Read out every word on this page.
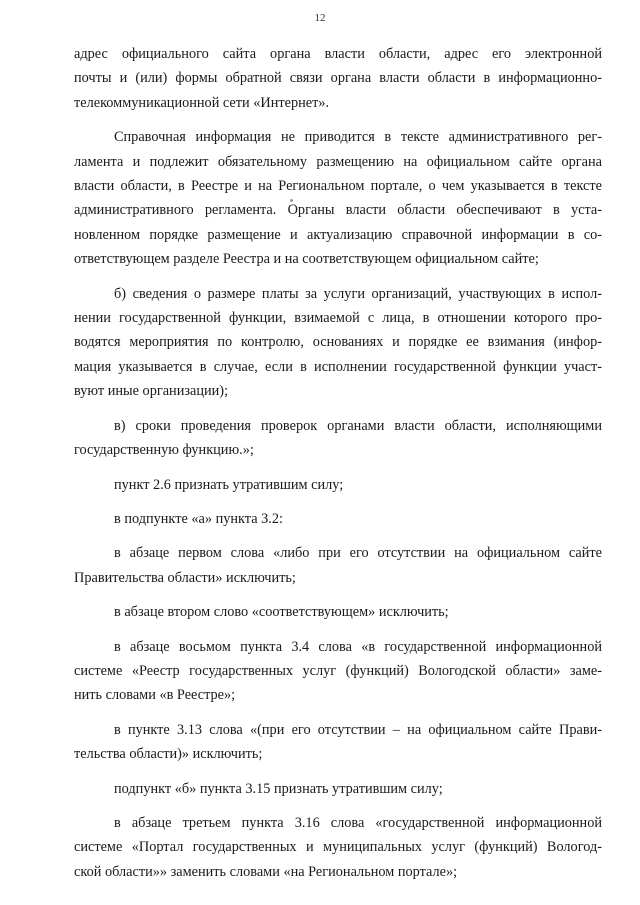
12
адрес официального сайта органа власти области, адрес его электронной
почты и (или) формы обратной связи органа власти области в информационно-
телекоммуникационной сети «Интернет».
Справочная информация не приводится в тексте административного рег-
ламента и подлежит обязательному размещению на официальном сайте органа
власти области, в Реестре и на Региональном портале, о чем указывается в тексте
административного регламента. Органы власти области обеспечивают в уста-
новленном порядке размещение и актуализацию справочной информации в со-
ответствующем разделе Реестра и на соответствующем официальном сайте;
б) сведения о размере платы за услуги организаций, участвующих в испол-
нении государственной функции, взимаемой с лица, в отношении которого про-
водятся мероприятия по контролю, основаниях и порядке ее взимания (инфор-
мация указывается в случае, если в исполнении государственной функции участ-
вуют иные организации);
в) сроки проведения проверок органами власти области, исполняющими
государственную функцию.»;
пункт 2.6 признать утратившим силу;
в подпункте «а» пункта 3.2:
в абзаце первом слова «либо при его отсутствии на официальном сайте
Правительства области» исключить;
в абзаце втором слово «соответствующем» исключить;
в абзаце восьмом пункта 3.4 слова «в государственной информационной
системе «Реестр государственных услуг (функций) Вологодской области» заме-
нить словами «в Реестре»;
в пункте 3.13 слова «(при его отсутствии – на официальном сайте Прави-
тельства области)» исключить;
подпункт «б» пункта 3.15 признать утратившим силу;
в абзаце третьем пункта 3.16 слова «государственной информационной
системе «Портал государственных и муниципальных услуг (функций) Вологод-
ской области»» заменить словами «на Региональном портале»;
